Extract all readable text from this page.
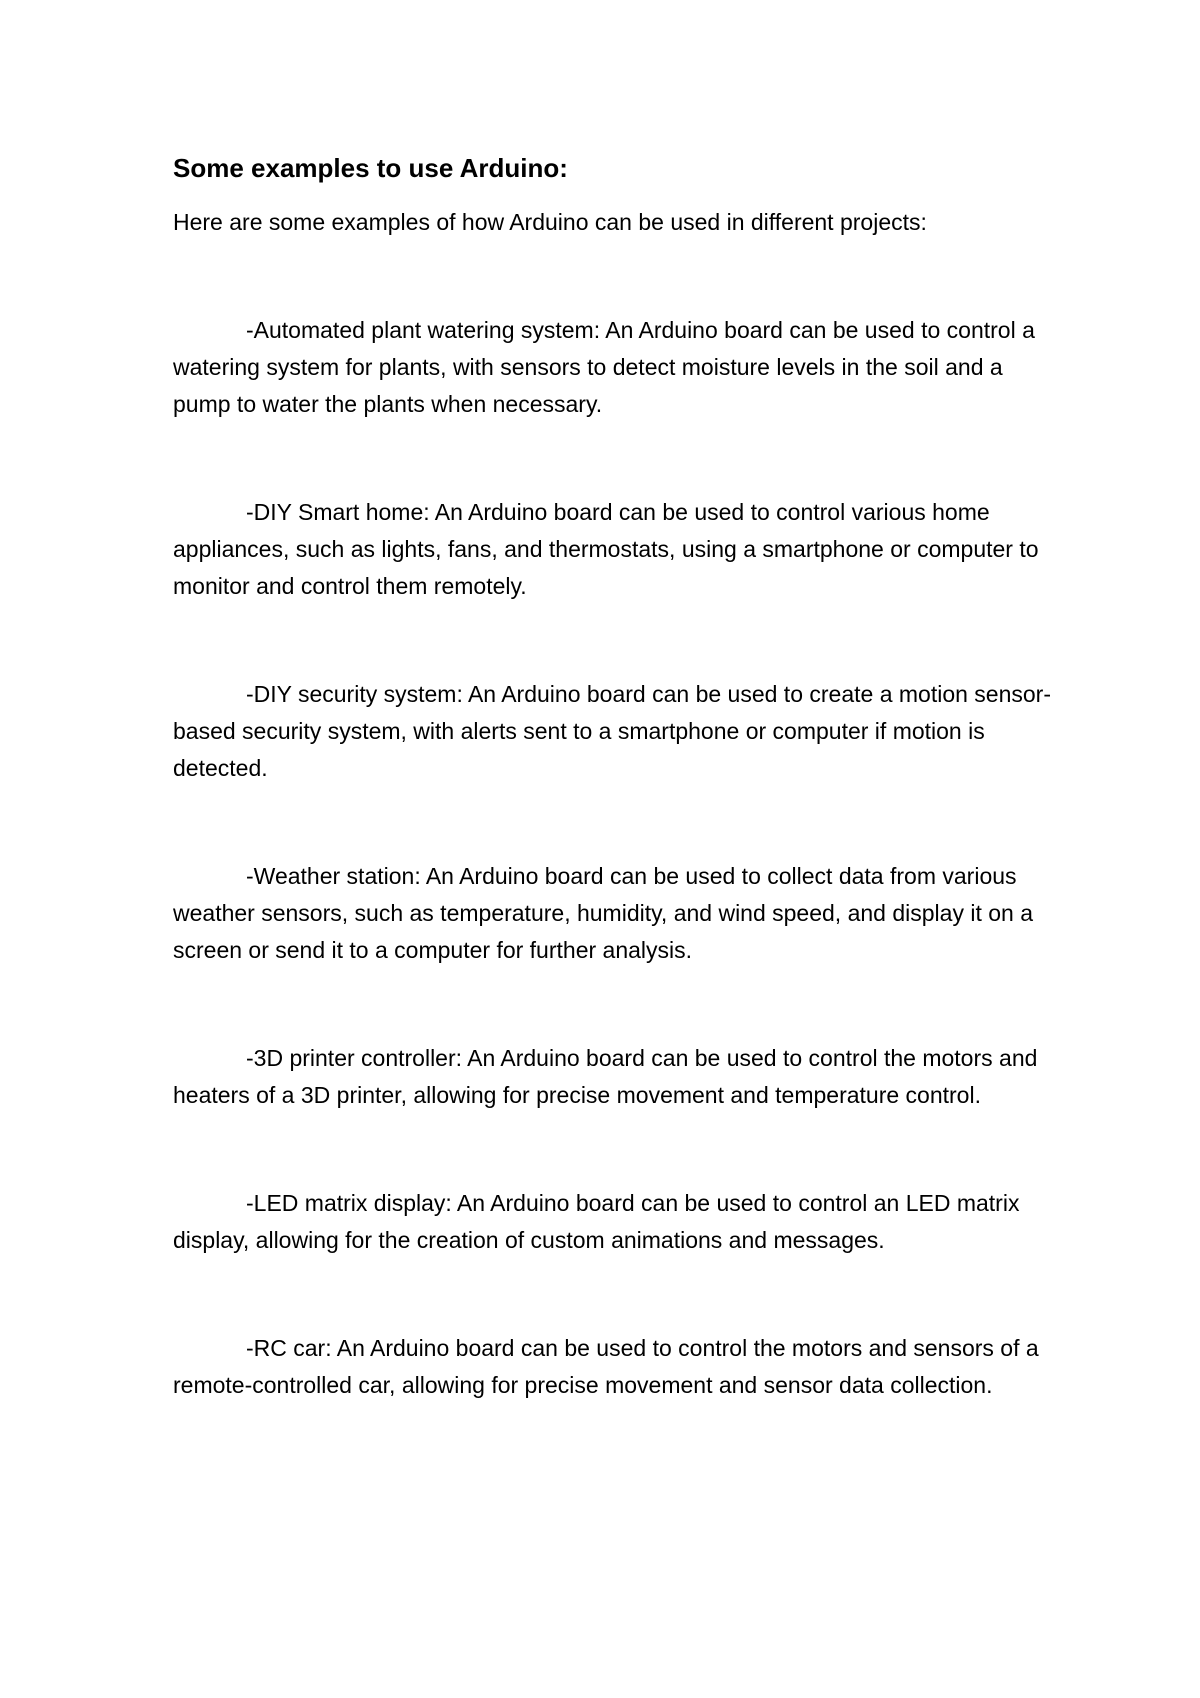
Some examples to use Arduino:

Here are some examples of how Arduino can be used in different projects:

-Automated plant watering system: An Arduino board can be used to control a watering system for plants, with sensors to detect moisture levels in the soil and a pump to water the plants when necessary.

-DIY Smart home: An Arduino board can be used to control various home appliances, such as lights, fans, and thermostats, using a smartphone or computer to monitor and control them remotely.

-DIY security system: An Arduino board can be used to create a motion sensor-based security system, with alerts sent to a smartphone or computer if motion is detected.

-Weather station: An Arduino board can be used to collect data from various weather sensors, such as temperature, humidity, and wind speed, and display it on a screen or send it to a computer for further analysis.

-3D printer controller: An Arduino board can be used to control the motors and heaters of a 3D printer, allowing for precise movement and temperature control.

-LED matrix display: An Arduino board can be used to control an LED matrix display, allowing for the creation of custom animations and messages.

-RC car: An Arduino board can be used to control the motors and sensors of a remote-controlled car, allowing for precise movement and sensor data collection.
